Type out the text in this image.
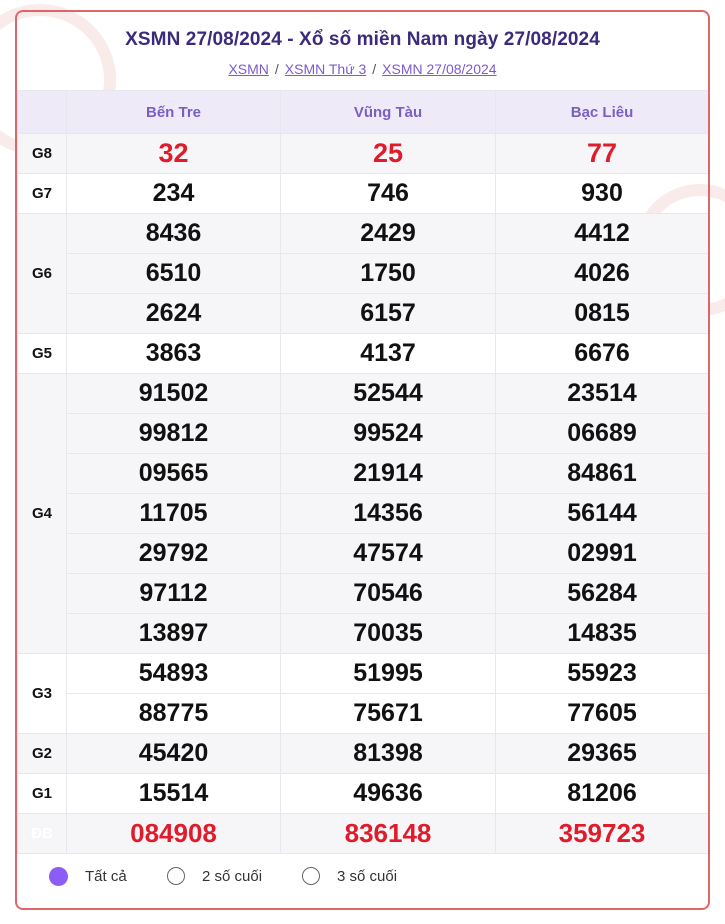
XSMN 27/08/2024 - Xổ số miền Nam ngày 27/08/2024
XSMN / XSMN Thứ 3 / XSMN 27/08/2024
	Bến Tre	Vũng Tàu	Bạc Liêu
G8	32	25	77
G7	234	746	930
G6	8436	2429	4412
	6510	1750	4026
	2624	6157	0815
G5	3863	4137	6676
G4	91502	52544	23514
	99812	99524	06689
	09565	21914	84861
	11705	14356	56144
	29792	47574	02991
	97112	70546	56284
	13897	70035	14835
G3	54893	51995	55923
	88775	75671	77605
G2	45420	81398	29365
G1	15514	49636	81206
ĐB	084908	836148	359723
Tất cả	2 số cuối	3 số cuối
